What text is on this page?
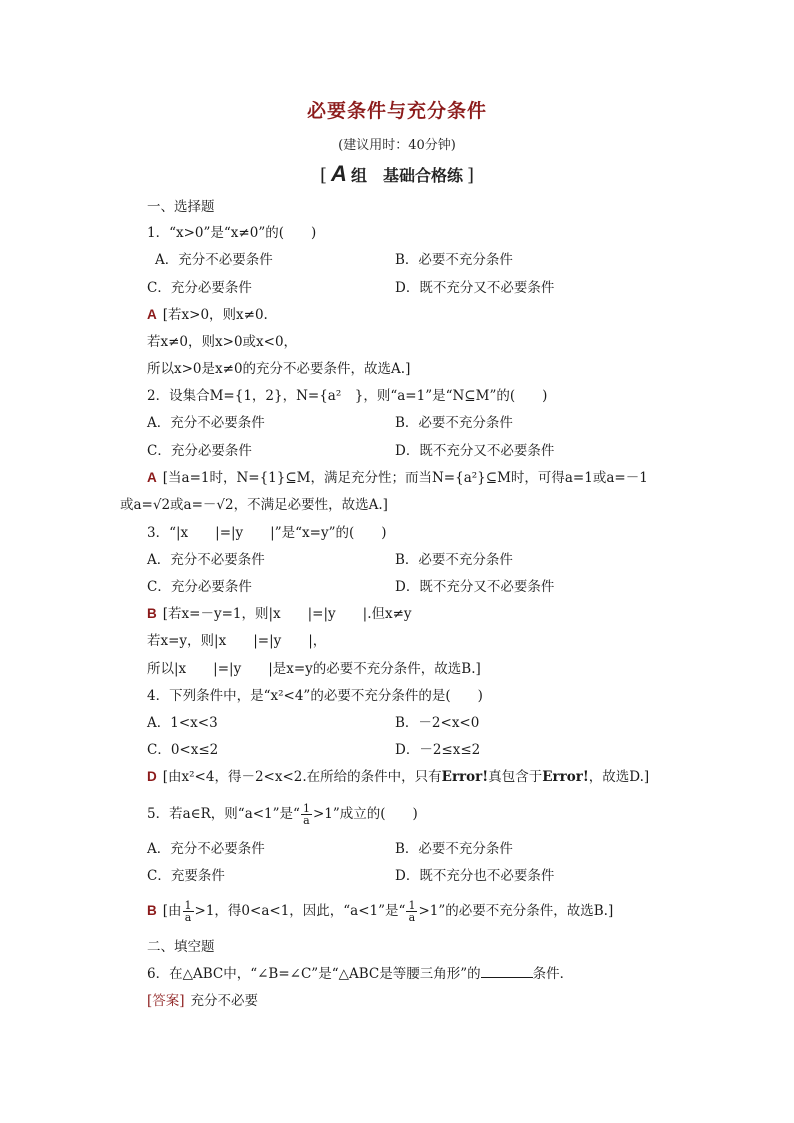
必要条件与充分条件
(建议用时：40分钟)
[ A 组　基础合格练 ]
一、选择题
1．“x>0”是“x≠0”的(　　)
A．充分不必要条件	B．必要不充分条件
C．充分必要条件	D．既不充分又不必要条件
A [若x>0，则x≠0.
若x≠0，则x>0或x<0，
所以x>0是x≠0的充分不必要条件，故选A.]
2．设集合M={1，2}，N={a²　}，则“a=1”是“N⊆M”的(　　)
A．充分不必要条件	B．必要不充分条件
C．充分必要条件	D．既不充分又不必要条件
A [当a=1时，N={1}⊆M，满足充分性；而当N={a²}⊆M时，可得a=1或a=－1
或a=√2或a=－√2，不满足必要性，故选A.]
3．“|x　　|=|y　　|”是“x=y”的(　　)
A．充分不必要条件	B．必要不充分条件
C．充分必要条件	D．既不充分又不必要条件
B [若x=－y=1，则|x　　|=|y　　|.但x≠y
若x=y，则|x　　|=|y　　|，
所以|x　　|=|y　　|是x=y的必要不充分条件，故选B.]
4．下列条件中，是“x²<4”的必要不充分条件的是(　　)
A．1<x<3	B．－2<x<0
C．0<x≤2	D．－2≤x≤2
D [由x²<4，得－2<x<2.在所给的条件中，只有Error!真包含于Error!，故选D.]
5．若a∈R，则“a<1”是“ $\frac{1}{a} >1$”成立的(　　)
A．充分不必要条件	B．必要不充分条件
C．充要条件	D．既不充分也不必要条件
B [由 $\frac{1}{a} >1$，得0<a<1，因此，“a<1”是“ $\frac{1}{a} >1$”的必要不充分条件，故选B.]
二、填空题
6．在△ABC中，“∠B=∠C”是“△ABC是等腰三角形”的	条件．
[答案] 充分不必要
